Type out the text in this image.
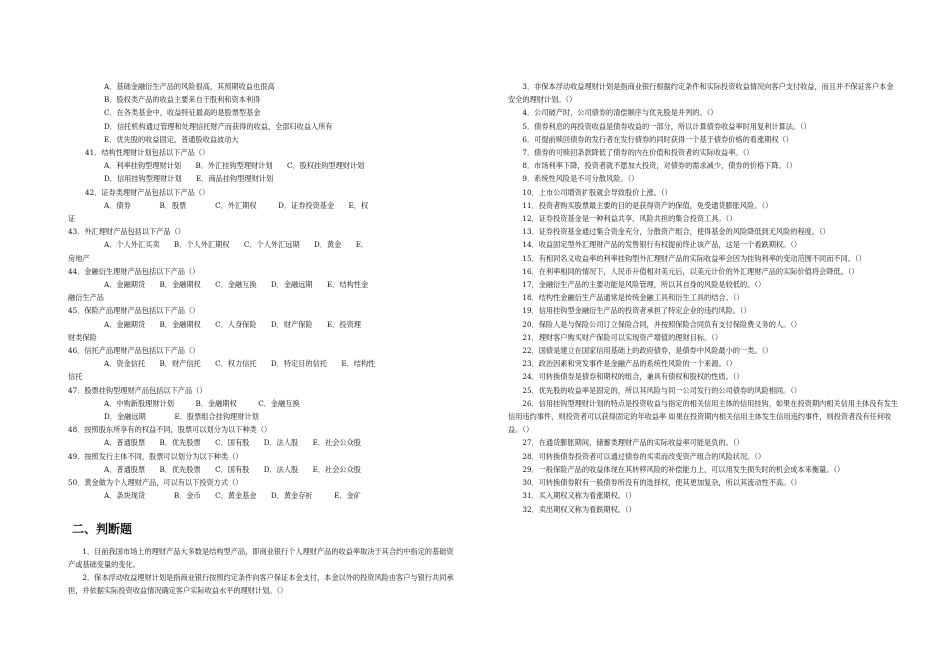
A．基础金融衍生产品的风险很高，其预期收益也很高
B．股权类产品的收益主要来自于股利和资本利得
C．在各类基金中，收益特征最高的是股票型基金
D．信托机构通过管理和处理信托财产而获得的收益，全部归收益人所有
E．优先股的收益固定，普通股收益波动大
41．结构性理财计划包括以下产品（）
A．利率挂钩型理财计划　　B．外汇挂钩型理财计划　　C．股权挂钩型理财计划
D．信用挂钩型理财计划　　E．商品挂钩型理财计划
42．证券类理财产品包括以下产品（）
A．债券　　　　B．股票　　　　C．外汇期权　　　D．证券投资基金　　E．权
证
43．外汇理财产品包括以下产品（）
A．个人外汇买卖　　B．个人外汇期权　　C．个人外汇远期　　D．黄金　　E．
房地产
44．金融衍生理财产品包括以下产品（）
A．金融期货　　B．金融期权　　C．金融互换　　D．金融远期　　E．结构性金
融衍生产品
45．保险产品理财产品包括以下产品（）
A．金融期货　　B．金融期权　　C．人身保险　　D．财产保险　　E．投资理
财类保险
46．信托产品理财产品包括以下产品（）
A．资金信托　　B．财产信托　　C．权力信托　　D．特定目的信托　　E．结构性
信托
47．股票挂钩型理财产品包括以下产品（）
A．中购新股理财计划　　　B．金融期权　　　C．金融互换
D．金融远期　　　　E．股票组合挂钩理财计划
48．按照股东所享有的权益不同，股票可以划分为以下种类（）
A．普通股票　　B．优先股票　　C．国有股　　D．法人股　　E．社会公众股
49．按照发行主体不同，股票可以划分为以下种类（）
A．普通股票　　B．优先股票　　C．国有股　　D．法人股　　E．社会公众股
50．黄金做为个人理财产品，可以有以下投资方式（）
A．条块现货　　　　B．金币　　C．黄金基金　　D．黄金存折　　　E．金矿
二、判断题
1．目前我国市场上的理财产品大多数是结构型产品，即商业银行个人理财产品的收益率取决于其合约中指定的基础资产或基础变量的变化。
2．保本浮动收益理财计划是指商业银行按照约定条件向客户保证本金支付，本金以外的投资风险由客户与银行共同承担，并依据实际投资收益情况确定客户实际收益水平的理财计划。（）
3．非保本浮动收益理财计划是指商业银行根据约定条件和实际投资收益情况向客户支付收益，而且并不保证客户本金安全的理财计划。（）
4．公司破产时，公司债券的清偿顺序与优先股是并列的。（）
5．债券利息的再投资收益是债券收益的一部分，所以计算债券收益率时用复利计算法。（）
6．可提前赎回债券的发行者在发行债券的同时获得一个基于债券价格的看涨期权（）
7．债券的可赎回条款降低了债券的内在价值和投资者的实际收益率。（）
8．市场利率下降，投资者就不愿加大投资，对债券的需求减少，债券的价格下降。（）
9．系统性风险是不可分散风险。（）
10．上市公司增资扩股就会导致股价上涨。（）
11．投资者购买股票最主要的目的是获得资产的保值，免受通货膨胀风险。（）
12．证券投资基金是一种利益共享、风险共担的集合投资工具。（）
13．证券投资基金通过集合资金充分，分散资产组合，使得基金的风险降低到无风险的程度。（）
14．收益固定型外汇理财产品的发售银行有权提前终止该产品，这是一个看跌期权。（）
15．有相同名义收益率的利率挂钩型外汇理财产品的实际收益率会因为挂钩利率的变动范围不同而不同。（）
16．在利率相同的情况下，人民币升值相对美元后，以美元计价的外汇理财产品的实际价值将会降低。（）
17．金融衍生产品的主要功能是风险管理，所以其自身的风险是较低的。（）
18．结构性金融衍生产品通常是传统金融工具和衍生工具的结合。（）
19．信用挂钩型金融衍生产品的投资者承担了特定企业的违约风险。（）
20．保险人是与保险公司订立保险合同，并按照保险合同负有支付保险费义务的人。（）
21．理财客户购买财产保险可以实现资产增值的理财目标。（）
22．国债是建立在国家信用基础上的政府债券，是债券中风险最小的一类。（）
23．政治因素和突发事件是金融产品的系统性风险的一个来源。（）
24．可转换债券是债券和期权的组合，兼具有债权和股权的性质。（）
25．优先股的收益率是固定的，所以其风险与同一公司发行的公司债券的风险相同。（）
26．信用挂钩型理财计划的特点是投资收益与指定的相关信用主体的信用挂钩，如果在投资期内相关信用主体没有发生信用违约事件，则投资者可以获得固定的年收益率 如果在投资期内相关信用主体发生信用违约事件，则投资者没有任何收益。（）
27．在通货膨胀期间，储蓄类理财产品的实际收益率可能是负的。（）
28．可转换债券投资者可以通过债券的买卖而改变资产组合的风险状况。（）
29．一般保险产品的收益体现在其转移风险的补偿能力上，可以用发生损失时的机会成本来衡量。（）
30．可转换债券附有一般债券所没有的选择权，使其更加复杂，所以其流动性不高。（）
31．买入期权又称为看涨期权。（）
32．卖出期权又称为看跌期权。（）
